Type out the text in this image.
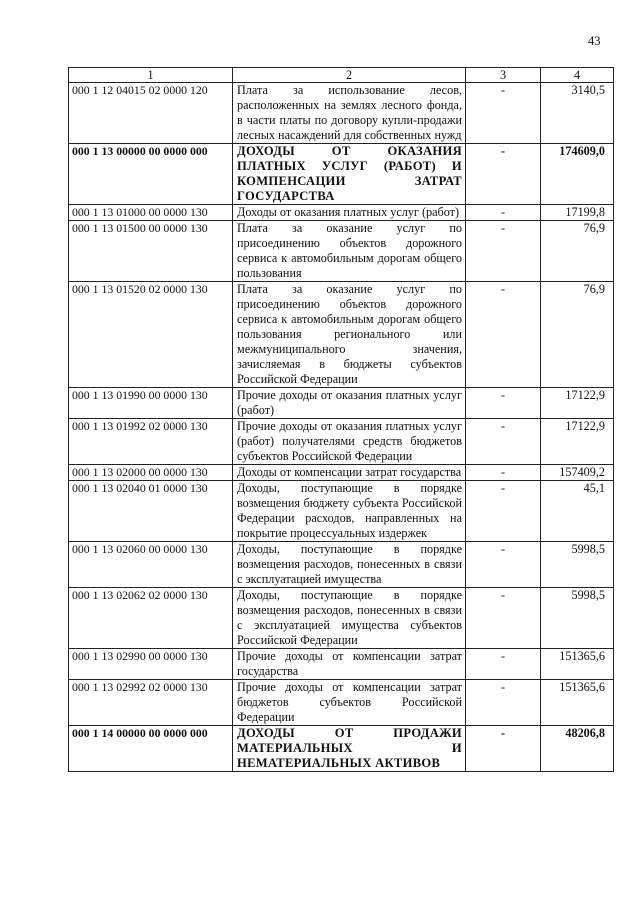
43
1	2	3	4
000 1 12 04015 02 0000 120	Плата за использование лесов, расположенных на землях лесного фонда, в части платы по договору купли-продажи лесных насаждений для собственных нужд	-	3140,5
000 1 13 00000 00 0000 000	ДОХОДЫ ОТ ОКАЗАНИЯ ПЛАТНЫХ УСЛУГ (РАБОТ) И КОМПЕНСАЦИИ ЗАТРАТ ГОСУДАРСТВА	-	174609,0
000 1 13 01000 00 0000 130	Доходы от оказания платных услуг (работ)	-	17199,8
000 1 13 01500 00 0000 130	Плата за оказание услуг по присоединению объектов дорожного сервиса к автомобильным дорогам общего пользования	-	76,9
000 1 13 01520 02 0000 130	Плата за оказание услуг по присоединению объектов дорожного сервиса к автомобильным дорогам общего пользования регионального или межмуниципального значения, зачисляемая в бюджеты субъектов Российской Федерации	-	76,9
000 1 13 01990 00 0000 130	Прочие доходы от оказания платных услуг (работ)	-	17122,9
000 1 13 01992 02 0000 130	Прочие доходы от оказания платных услуг (работ) получателями средств бюджетов субъектов Российской Федерации	-	17122,9
000 1 13 02000 00 0000 130	Доходы от компенсации затрат государства	-	157409,2
000 1 13 02040 01 0000 130	Доходы, поступающие в порядке возмещения бюджету субъекта Российской Федерации расходов, направленных на покрытие процессуальных издержек	-	45,1
000 1 13 02060 00 0000 130	Доходы, поступающие в порядке возмещения расходов, понесенных в связи с эксплуатацией имущества	-	5998,5
000 1 13 02062 02 0000 130	Доходы, поступающие в порядке возмещения расходов, понесенных в связи с эксплуатацией имущества субъектов Российской Федерации	-	5998,5
000 1 13 02990 00 0000 130	Прочие доходы от компенсации затрат государства	-	151365,6
000 1 13 02992 02 0000 130	Прочие доходы от компенсации затрат бюджетов субъектов Российской Федерации	-	151365,6
000 1 14 00000 00 0000 000	ДОХОДЫ ОТ ПРОДАЖИ МАТЕРИАЛЬНЫХ И НЕМАТЕРИАЛЬНЫХ АКТИВОВ	-	48206,8
